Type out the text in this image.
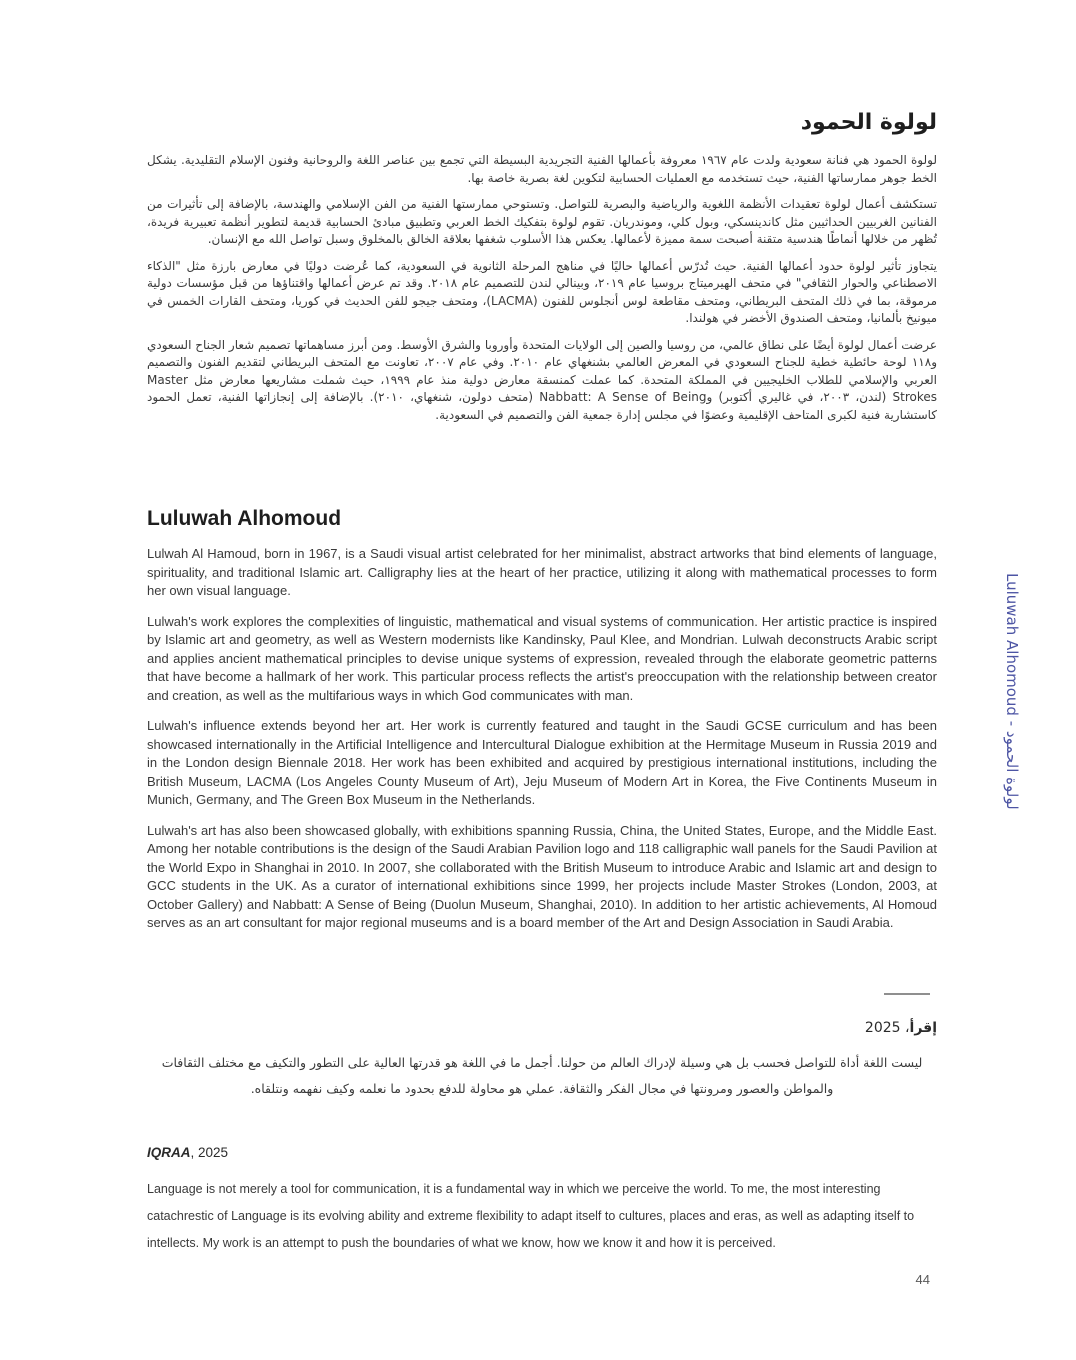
لولوة الحمود

لولوة الحمود هي فنانة سعودية ولدت عام ١٩٦٧ معروفة بأعمالها الفنية التجريدية البسيطة التي تجمع بين عناصر اللغة والروحانية وفنون الإسلام التقليدية. يشكل الخط جوهر ممارساتها الفنية، حيث تستخدمه مع العمليات الحسابية لتكوين لغة بصرية خاصة بها.

تستكشف أعمال لولوة تعقيدات الأنظمة اللغوية والرياضية والبصرية للتواصل. وتستوحي ممارستها الفنية من الفن الإسلامي والهندسة، بالإضافة إلى تأثيرات من الفنانين الغربيين الحداثيين مثل كاندينسكي، وبول كلي، وموندريان. تقوم لولوة بتفكيك الخط العربي وتطبيق مبادئ الحسابية قديمة لتطوير أنظمة تعبيرية فريدة، تُظهر من خلالها أنماطًا هندسية متقنة أصبحت سمة مميزة لأعمالها. يعكس هذا الأسلوب شغفها بعلاقة الخالق بالمخلوق وسبل تواصل الله مع الإنسان.

يتجاوز تأثير لولوة حدود أعمالها الفنية. حيث تُدرّس أعمالها حاليًا في مناهج المرحلة الثانوية في السعودية، كما عُرضت دوليًا في معارض بارزة مثل "الذكاء الاصطناعي والحوار الثقافي" في متحف الهيرميتاج بروسيا عام ٢٠١٩، وبينالي لندن للتصميم عام ٢٠١٨. وقد تم عرض أعمالها واقتناؤها من قبل مؤسسات دولية مرموقة، بما في ذلك المتحف البريطاني، ومتحف مقاطعة لوس أنجلوس للفنون (LACMA)، ومتحف جيجو للفن الحديث في كوريا، ومتحف القارات الخمس في ميونيخ بألمانيا، ومتحف الصندوق الأخضر في هولندا.

عرضت أعمال لولوة أيضًا على نطاق عالمي، من روسيا والصين إلى الولايات المتحدة وأوروبا والشرق الأوسط. ومن أبرز مساهماتها تصميم شعار الجناح السعودي و١١٨ لوحة حائطية خطية للجناح السعودي في المعرض العالمي بشنغهاي عام ٢٠١٠. وفي عام ٢٠٠٧، تعاونت مع المتحف البريطاني لتقديم الفنون والتصميم العربي والإسلامي للطلاب الخليجيين في المملكة المتحدة. كما عملت كمنسقة معارض دولية منذ عام ١٩٩٩، حيث شملت مشاريعها معارض مثل Master Strokes (لندن، ٢٠٠٣، في غاليري أكتوبر) وNabbatt: A Sense of Being (متحف دولون، شنغهاي، ٢٠١٠). بالإضافة إلى إنجازاتها الفنية، تعمل الحمود كاستشارية فنية لكبرى المتاحف الإقليمية وعضوًا في مجلس إدارة جمعية الفن والتصميم في السعودية.

Luluwah Alhomoud

Lulwah Al Hamoud, born in 1967, is a Saudi visual artist celebrated for her minimalist, abstract artworks that bind elements of language, spirituality, and traditional Islamic art. Calligraphy lies at the heart of her practice, utilizing it along with mathematical processes to form her own visual language.

Lulwah's work explores the complexities of linguistic, mathematical and visual systems of communication. Her artistic practice is inspired by Islamic art and geometry, as well as Western modernists like Kandinsky, Paul Klee, and Mondrian. Lulwah deconstructs Arabic script and applies ancient mathematical principles to devise unique systems of expression, revealed through the elaborate geometric patterns that have become a hallmark of her work. This particular process reflects the artist's preoccupation with the relationship between creator and creation, as well as the multifarious ways in which God communicates with man.

Lulwah's influence extends beyond her art. Her work is currently featured and taught in the Saudi GCSE curriculum and has been showcased internationally in the Artificial Intelligence and Intercultural Dialogue exhibition at the Hermitage Museum in Russia 2019 and in the London design Biennale 2018. Her work has been exhibited and acquired by prestigious international institutions, including the British Museum, LACMA (Los Angeles County Museum of Art), Jeju Museum of Modern Art in Korea, the Five Continents Museum in Munich, Germany, and The Green Box Museum in the Netherlands.

Lulwah's art has also been showcased globally, with exhibitions spanning Russia, China, the United States, Europe, and the Middle East. Among her notable contributions is the design of the Saudi Arabian Pavilion logo and 118 calligraphic wall panels for the Saudi Pavilion at the World Expo in Shanghai in 2010. In 2007, she collaborated with the British Museum to introduce Arabic and Islamic art and design to GCC students in the UK. As a curator of international exhibitions since 1999, her projects include Master Strokes (London, 2003, at October Gallery) and Nabbatt: A Sense of Being (Duolun Museum, Shanghai, 2010). In addition to her artistic achievements, Al Homoud serves as an art consultant for major regional museums and is a board member of the Art and Design Association in Saudi Arabia.

إقرأ، 2025

ليست اللغة أداة للتواصل فحسب بل هي وسيلة لإدراك العالم من حولنا. أجمل ما في اللغة هو قدرتها العالية على التطور والتكيف مع مختلف الثقافات والمواطن والعصور ومرونتها في مجال الفكر والثقافة. عملي هو محاولة للدفع بحدود ما نعلمه وكيف نفهمه ونتلقاه.

IQRAA, 2025

Language is not merely a tool for communication, it is a fundamental way in which we perceive the world. To me, the most interesting catachrestic of Language is its evolving ability and extreme flexibility to adapt itself to cultures, places and eras, as well as adapting itself to intellects. My work is an attempt to push the boundaries of what we know, how we know it and how it is perceived.

Luluwah Alhomoud - لولوة الحمود
44
